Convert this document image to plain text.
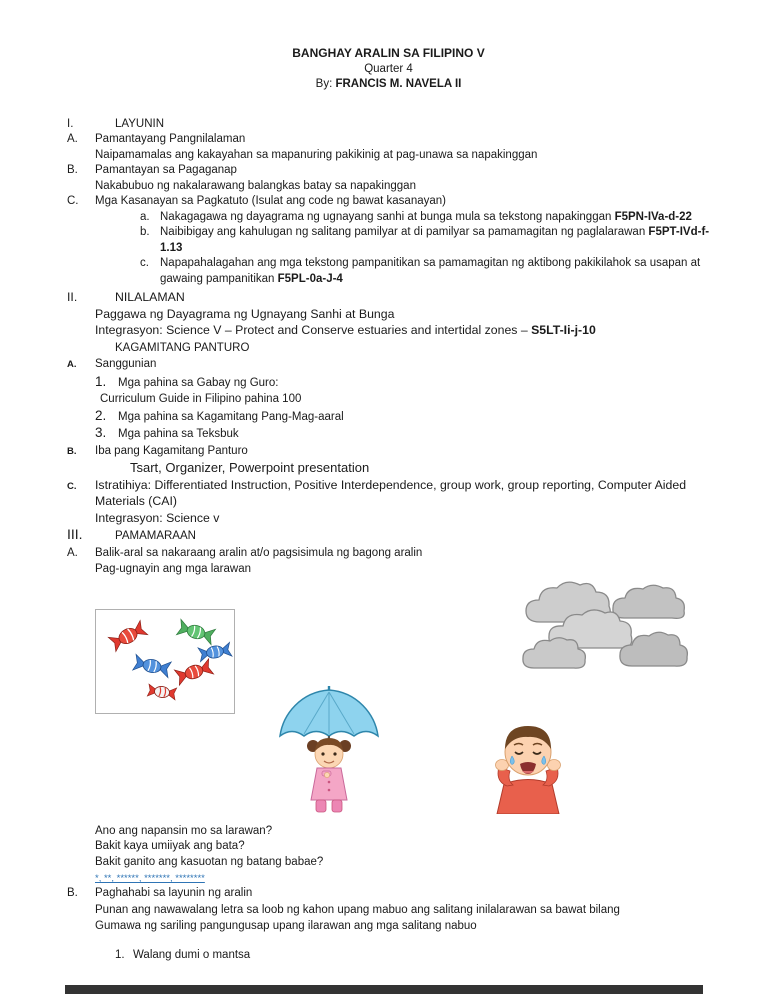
BANGHAY ARALIN SA FILIPINO V
Quarter 4
By: FRANCIS M. NAVELA II
I.	LAYUNIN
A.	Pamantayang Pangnilalaman
Naipamamalas ang kakayahan sa mapanuring pakikinig at pag-unawa sa napakinggan
B.	Pamantayan sa Pagaganap
Nakabubuo ng nakalarawang balangkas batay sa napakinggan
C.	Mga Kasanayan sa Pagkatuto (Isulat ang code ng bawat kasanayan)
a. Nakagagawa ng dayagrama ng ugnayang sanhi at bunga mula sa tekstong napakinggan F5PN-IVa-d-22
b. Naibibigay ang kahulugan ng salitang pamilyar at di pamilyar sa pamamagitan ng paglalarawan F5PT-IVd-f-1.13
c. Napapahalagahan ang mga tekstong pampanitikan sa pamamagitan ng aktibong pakikilahok sa usapan at gawaing pampanitikan F5PL-0a-J-4
II.	NILALAMAN
Paggawa ng Dayagrama ng Ugnayang Sanhi at Bunga
Integrasyon: Science V – Protect and Conserve estuaries and intertidal zones – S5LT-Ii-j-10
KAGAMITANG PANTURO
A.	Sanggunian
1.	Mga pahina sa Gabay ng Guro:
Curriculum Guide in Filipino pahina 100
2.	Mga pahina sa Kagamitang Pang-Mag-aaral
3.	Mga pahina sa Teksbuk
B.	Iba pang Kagamitang Panturo
Tsart, Organizer, Powerpoint presentation
C.	Istratihiya: Differentiated Instruction, Positive Interdependence, group work, group reporting, Computer Aided Materials (CAI)
Integrasyon: Science v
III.	PAMAMARAAN
A.	Balik-aral sa nakaraang aralin at/o pagsisimula ng bagong aralin
Pag-ugnayin ang mga larawan
Ano ang napansin mo sa larawan?
Bakit kaya umiiyak ang bata?
Bakit ganito ang kasuotan ng batang babae?
*, **, ******, *******, ********
B.	Paghahabi sa layunin ng aralin
Punan ang nawawalang letra sa loob ng kahon upang mabuo ang salitang inilalarawan sa bawat bilang
Gumawa ng sariling pangungusap upang ilarawan ang mga salitang nabuo
1. Walang dumi o mantsa
